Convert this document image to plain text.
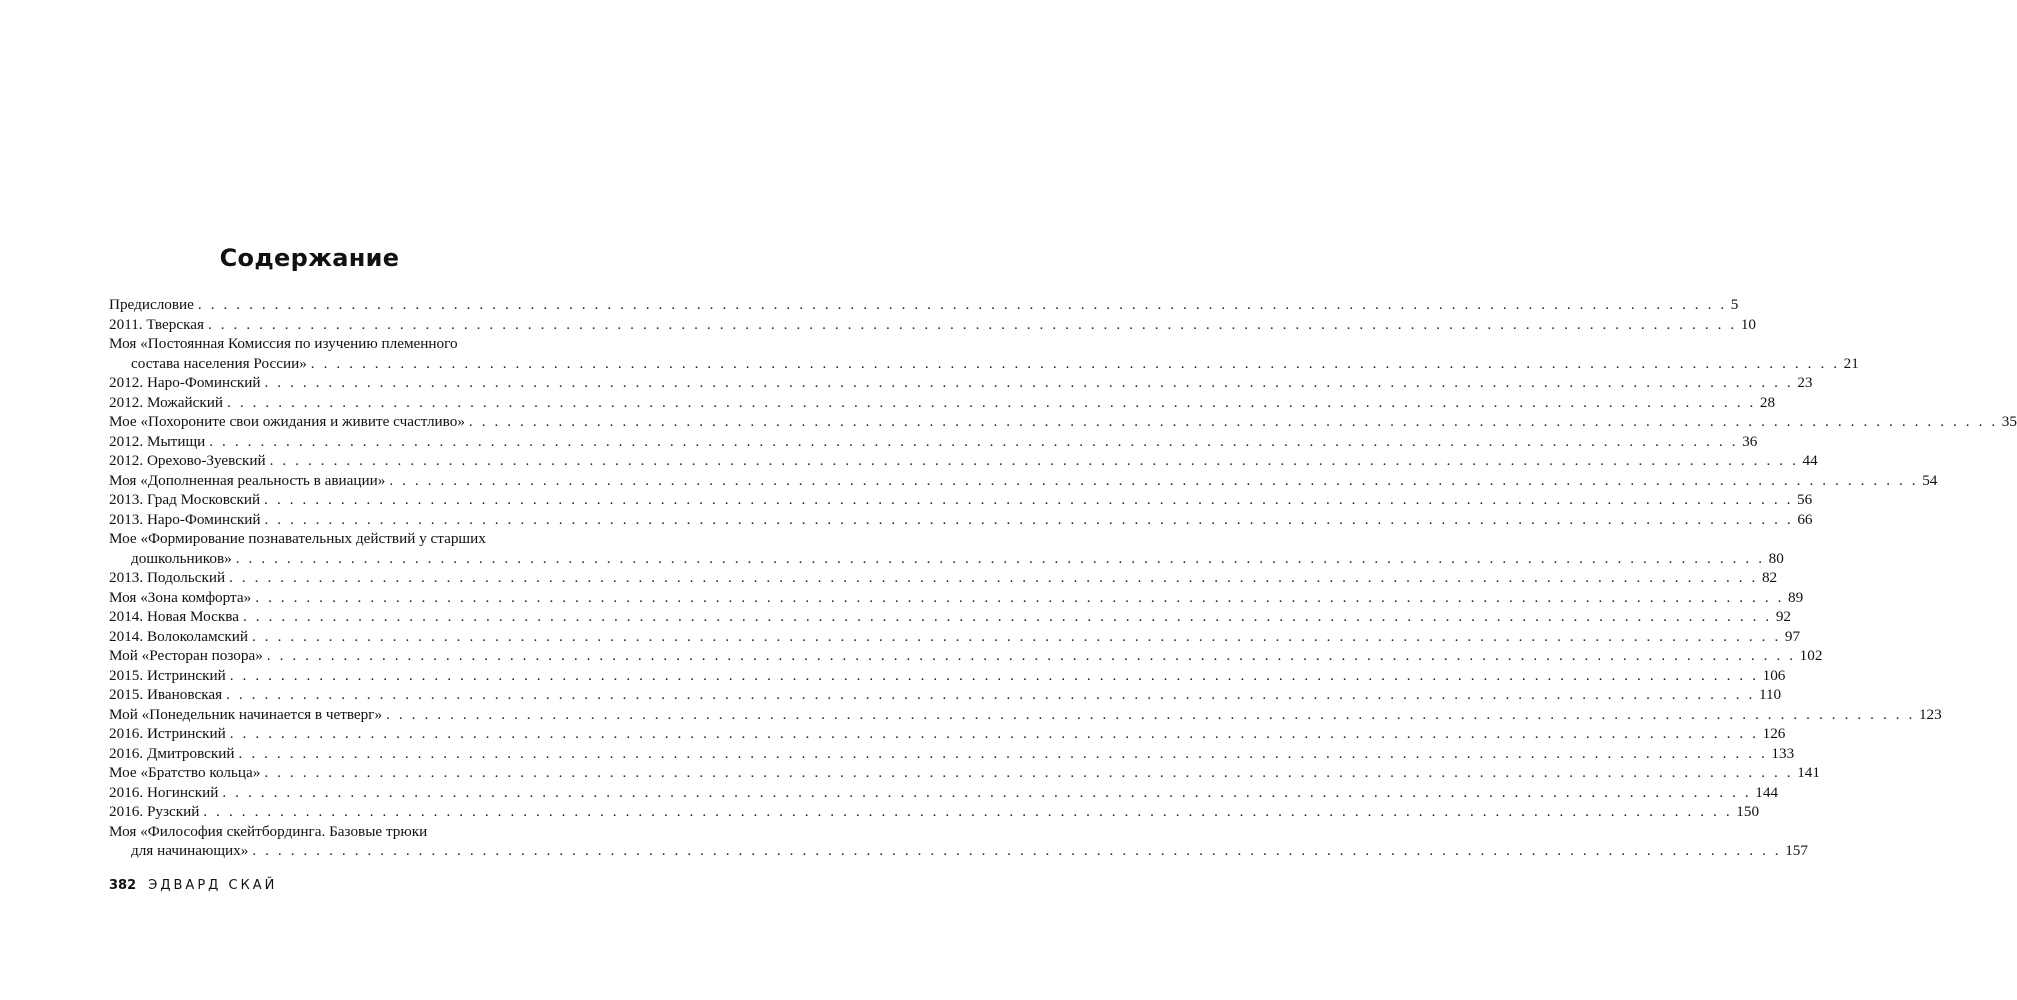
Содержание
Предисловие . . . . . . . . . . . . . . . . . . . . . . . . . . . . . . . . . . . . . . . . . . . . . . . . . . . . . . . . . . . . . . . . . . . . . . . . . . . . . . . . . . . . . . . . . . . . . . . . . . . . . . . . . . . . . . . . . . . . . . . . 5
2011. Тверская . . . . . . . . . . . . . . . . . . . . . . . . . . . . . . . . . . . . . . . . . . . . . . . . . . . . . . . . . . . . . . . . . . . . . . . . . . . . . . . . . . . . . . . . . . . . . . . . . . . . . . . . . . . . . . . . . . . . . . . . 10
Моя «Постоянная Комиссия по изучению племенного
состава населения России» . . . . . . . . . . . . . . . . . . . . . . . . . . . . . . . . . . . . . . . . . . . . . . . . . . . . . . . . . . . . . . . . . . . . . . . . . . . . . . . . . . . . . . . . . . . . . . . . . . . . . . . . . . . . . . . . . . . . . . . . 21
2012. Наро-Фоминский . . . . . . . . . . . . . . . . . . . . . . . . . . . . . . . . . . . . . . . . . . . . . . . . . . . . . . . . . . . . . . . . . . . . . . . . . . . . . . . . . . . . . . . . . . . . . . . . . . . . . . . . . . . . . . . . . . . . . . . . 23
2012. Можайский . . . . . . . . . . . . . . . . . . . . . . . . . . . . . . . . . . . . . . . . . . . . . . . . . . . . . . . . . . . . . . . . . . . . . . . . . . . . . . . . . . . . . . . . . . . . . . . . . . . . . . . . . . . . . . . . . . . . . . . . 28
Мое «Похороните свои ожидания и живите счастливо» . . . . . . . . . . . . . . . . . . . . . . . . . . . . . . . . . . . . . . . . . . . . . . . . . . . . . . . . . . . . . . . . . . . . . . . . . . . . . . . . . . . . . . . . . . . . . . . . . . . . . . . . . . . . . . . . . . . . . . . . 35
2012. Мытищи . . . . . . . . . . . . . . . . . . . . . . . . . . . . . . . . . . . . . . . . . . . . . . . . . . . . . . . . . . . . . . . . . . . . . . . . . . . . . . . . . . . . . . . . . . . . . . . . . . . . . . . . . . . . . . . . . . . . . . . . 36
2012. Орехово-Зуевский . . . . . . . . . . . . . . . . . . . . . . . . . . . . . . . . . . . . . . . . . . . . . . . . . . . . . . . . . . . . . . . . . . . . . . . . . . . . . . . . . . . . . . . . . . . . . . . . . . . . . . . . . . . . . . . . . . . . . . . . 44
Моя «Дополненная реальность в авиации» . . . . . . . . . . . . . . . . . . . . . . . . . . . . . . . . . . . . . . . . . . . . . . . . . . . . . . . . . . . . . . . . . . . . . . . . . . . . . . . . . . . . . . . . . . . . . . . . . . . . . . . . . . . . . . . . . . . . . . . . 54
2013. Град Московский . . . . . . . . . . . . . . . . . . . . . . . . . . . . . . . . . . . . . . . . . . . . . . . . . . . . . . . . . . . . . . . . . . . . . . . . . . . . . . . . . . . . . . . . . . . . . . . . . . . . . . . . . . . . . . . . . . . . . . . . 56
2013. Наро-Фоминский . . . . . . . . . . . . . . . . . . . . . . . . . . . . . . . . . . . . . . . . . . . . . . . . . . . . . . . . . . . . . . . . . . . . . . . . . . . . . . . . . . . . . . . . . . . . . . . . . . . . . . . . . . . . . . . . . . . . . . . . 66
Мое «Формирование познавательных действий у старших
дошкольников» . . . . . . . . . . . . . . . . . . . . . . . . . . . . . . . . . . . . . . . . . . . . . . . . . . . . . . . . . . . . . . . . . . . . . . . . . . . . . . . . . . . . . . . . . . . . . . . . . . . . . . . . . . . . . . . . . . . . . . . . 80
2013. Подольский . . . . . . . . . . . . . . . . . . . . . . . . . . . . . . . . . . . . . . . . . . . . . . . . . . . . . . . . . . . . . . . . . . . . . . . . . . . . . . . . . . . . . . . . . . . . . . . . . . . . . . . . . . . . . . . . . . . . . . . . 82
Моя «Зона комфорта» . . . . . . . . . . . . . . . . . . . . . . . . . . . . . . . . . . . . . . . . . . . . . . . . . . . . . . . . . . . . . . . . . . . . . . . . . . . . . . . . . . . . . . . . . . . . . . . . . . . . . . . . . . . . . . . . . . . . . . . . 89
2014. Новая Москва . . . . . . . . . . . . . . . . . . . . . . . . . . . . . . . . . . . . . . . . . . . . . . . . . . . . . . . . . . . . . . . . . . . . . . . . . . . . . . . . . . . . . . . . . . . . . . . . . . . . . . . . . . . . . . . . . . . . . . . . 92
2014. Волоколамский . . . . . . . . . . . . . . . . . . . . . . . . . . . . . . . . . . . . . . . . . . . . . . . . . . . . . . . . . . . . . . . . . . . . . . . . . . . . . . . . . . . . . . . . . . . . . . . . . . . . . . . . . . . . . . . . . . . . . . . . 97
Мой «Ресторан позора» . . . . . . . . . . . . . . . . . . . . . . . . . . . . . . . . . . . . . . . . . . . . . . . . . . . . . . . . . . . . . . . . . . . . . . . . . . . . . . . . . . . . . . . . . . . . . . . . . . . . . . . . . . . . . . . . . . . . . . . . 102
2015. Истринский . . . . . . . . . . . . . . . . . . . . . . . . . . . . . . . . . . . . . . . . . . . . . . . . . . . . . . . . . . . . . . . . . . . . . . . . . . . . . . . . . . . . . . . . . . . . . . . . . . . . . . . . . . . . . . . . . . . . . . . . 106
2015. Ивановская . . . . . . . . . . . . . . . . . . . . . . . . . . . . . . . . . . . . . . . . . . . . . . . . . . . . . . . . . . . . . . . . . . . . . . . . . . . . . . . . . . . . . . . . . . . . . . . . . . . . . . . . . . . . . . . . . . . . . . . . 110
Мой «Понедельник начинается в четверг» . . . . . . . . . . . . . . . . . . . . . . . . . . . . . . . . . . . . . . . . . . . . . . . . . . . . . . . . . . . . . . . . . . . . . . . . . . . . . . . . . . . . . . . . . . . . . . . . . . . . . . . . . . . . . . . . . . . . . . . . 123
2016. Истринский . . . . . . . . . . . . . . . . . . . . . . . . . . . . . . . . . . . . . . . . . . . . . . . . . . . . . . . . . . . . . . . . . . . . . . . . . . . . . . . . . . . . . . . . . . . . . . . . . . . . . . . . . . . . . . . . . . . . . . . . 126
2016. Дмитровский . . . . . . . . . . . . . . . . . . . . . . . . . . . . . . . . . . . . . . . . . . . . . . . . . . . . . . . . . . . . . . . . . . . . . . . . . . . . . . . . . . . . . . . . . . . . . . . . . . . . . . . . . . . . . . . . . . . . . . . . 133
Мое «Братство кольца» . . . . . . . . . . . . . . . . . . . . . . . . . . . . . . . . . . . . . . . . . . . . . . . . . . . . . . . . . . . . . . . . . . . . . . . . . . . . . . . . . . . . . . . . . . . . . . . . . . . . . . . . . . . . . . . . . . . . . . . . 141
2016. Ногинский . . . . . . . . . . . . . . . . . . . . . . . . . . . . . . . . . . . . . . . . . . . . . . . . . . . . . . . . . . . . . . . . . . . . . . . . . . . . . . . . . . . . . . . . . . . . . . . . . . . . . . . . . . . . . . . . . . . . . . . . 144
2016. Рузский . . . . . . . . . . . . . . . . . . . . . . . . . . . . . . . . . . . . . . . . . . . . . . . . . . . . . . . . . . . . . . . . . . . . . . . . . . . . . . . . . . . . . . . . . . . . . . . . . . . . . . . . . . . . . . . . . . . . . . . . 150
Моя «Философия скейтбординга. Базовые трюки
для начинающих» . . . . . . . . . . . . . . . . . . . . . . . . . . . . . . . . . . . . . . . . . . . . . . . . . . . . . . . . . . . . . . . . . . . . . . . . . . . . . . . . . . . . . . . . . . . . . . . . . . . . . . . . . . . . . . . . . . . . . . . . 157
382 ЭДВАРД СКАЙ
